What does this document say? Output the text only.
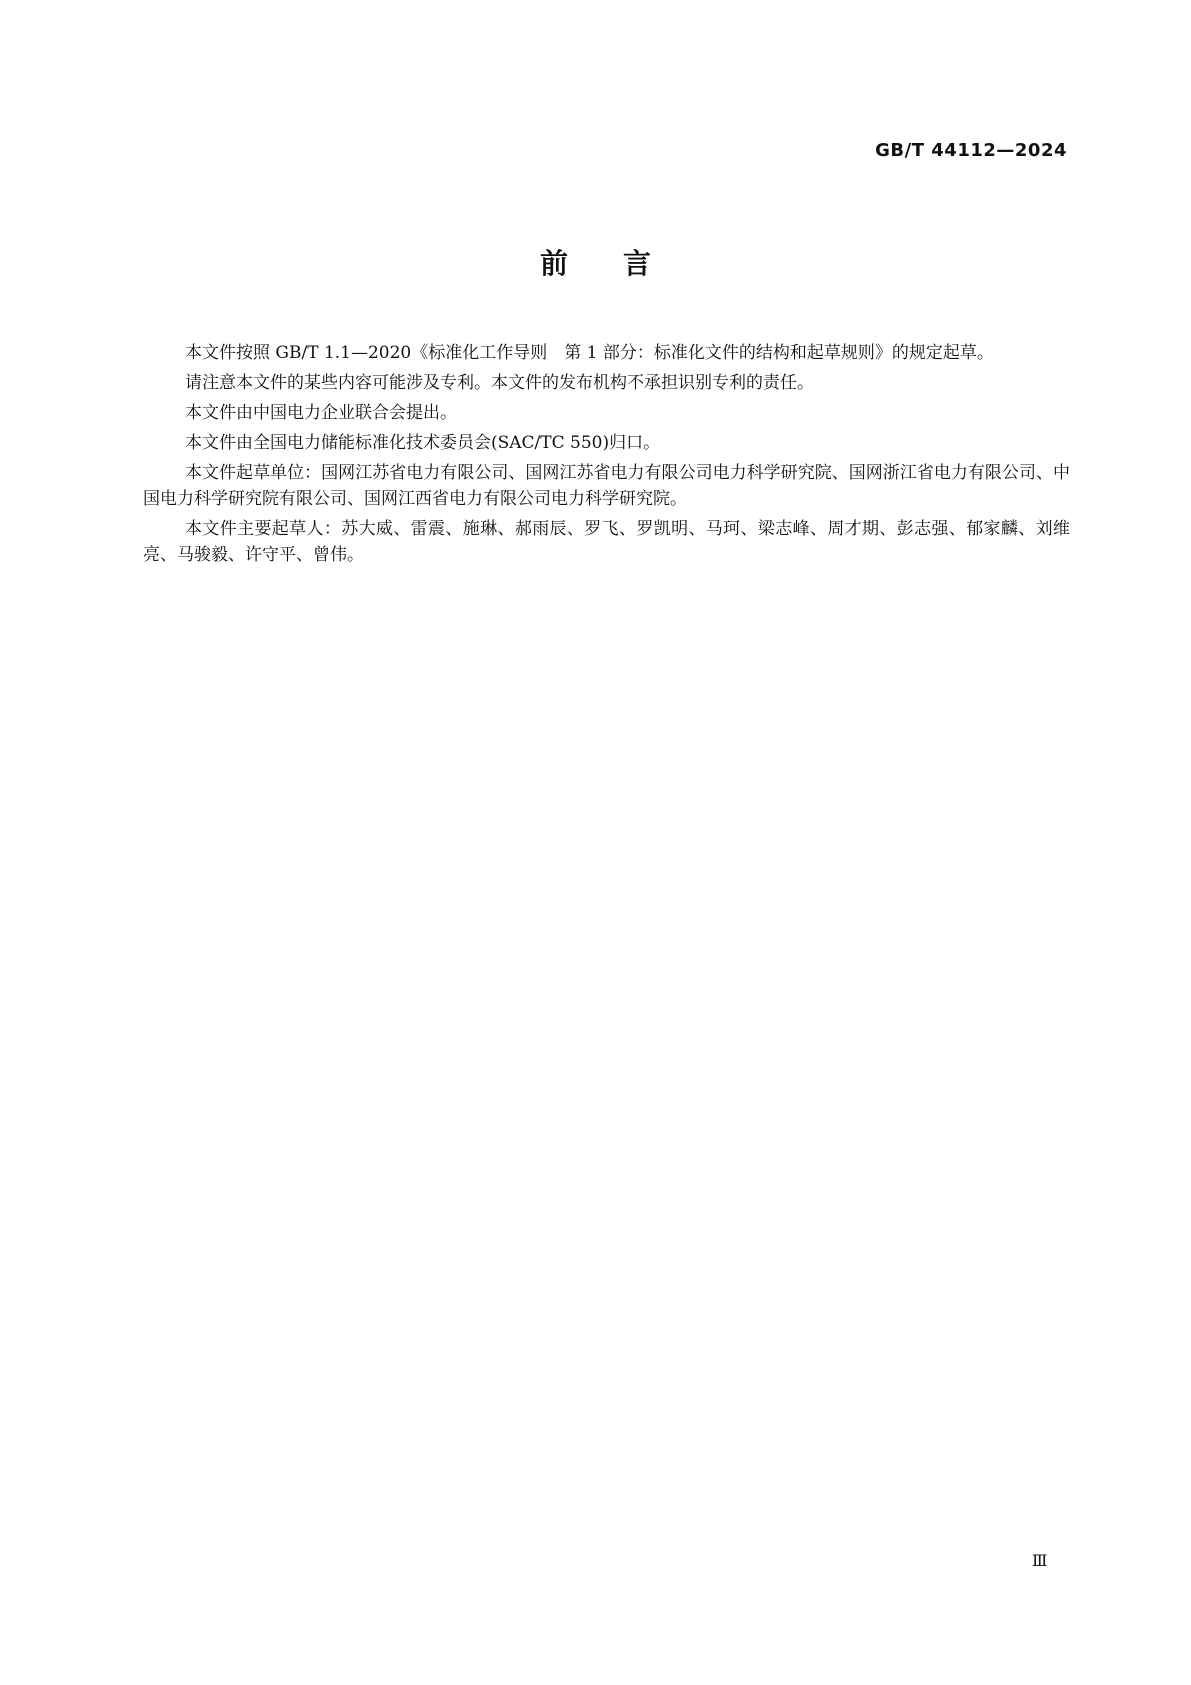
GB/T 44112—2024
前言

本文件按照 GB/T 1.1—2020《标准化工作导则　第 1 部分：标准化文件的结构和起草规则》的规定起草。

请注意本文件的某些内容可能涉及专利。本文件的发布机构不承担识别专利的责任。

本文件由中国电力企业联合会提出。

本文件由全国电力储能标准化技术委员会(SAC/TC 550)归口。

本文件起草单位：国网江苏省电力有限公司、国网江苏省电力有限公司电力科学研究院、国网浙江省电力有限公司、中国电力科学研究院有限公司、国网江西省电力有限公司电力科学研究院。

本文件主要起草人：苏大威、雷震、施琳、郝雨辰、罗飞、罗凯明、马珂、梁志峰、周才期、彭志强、郁家麟、刘维亮、马骏毅、许守平、曾伟。

Ⅲ
